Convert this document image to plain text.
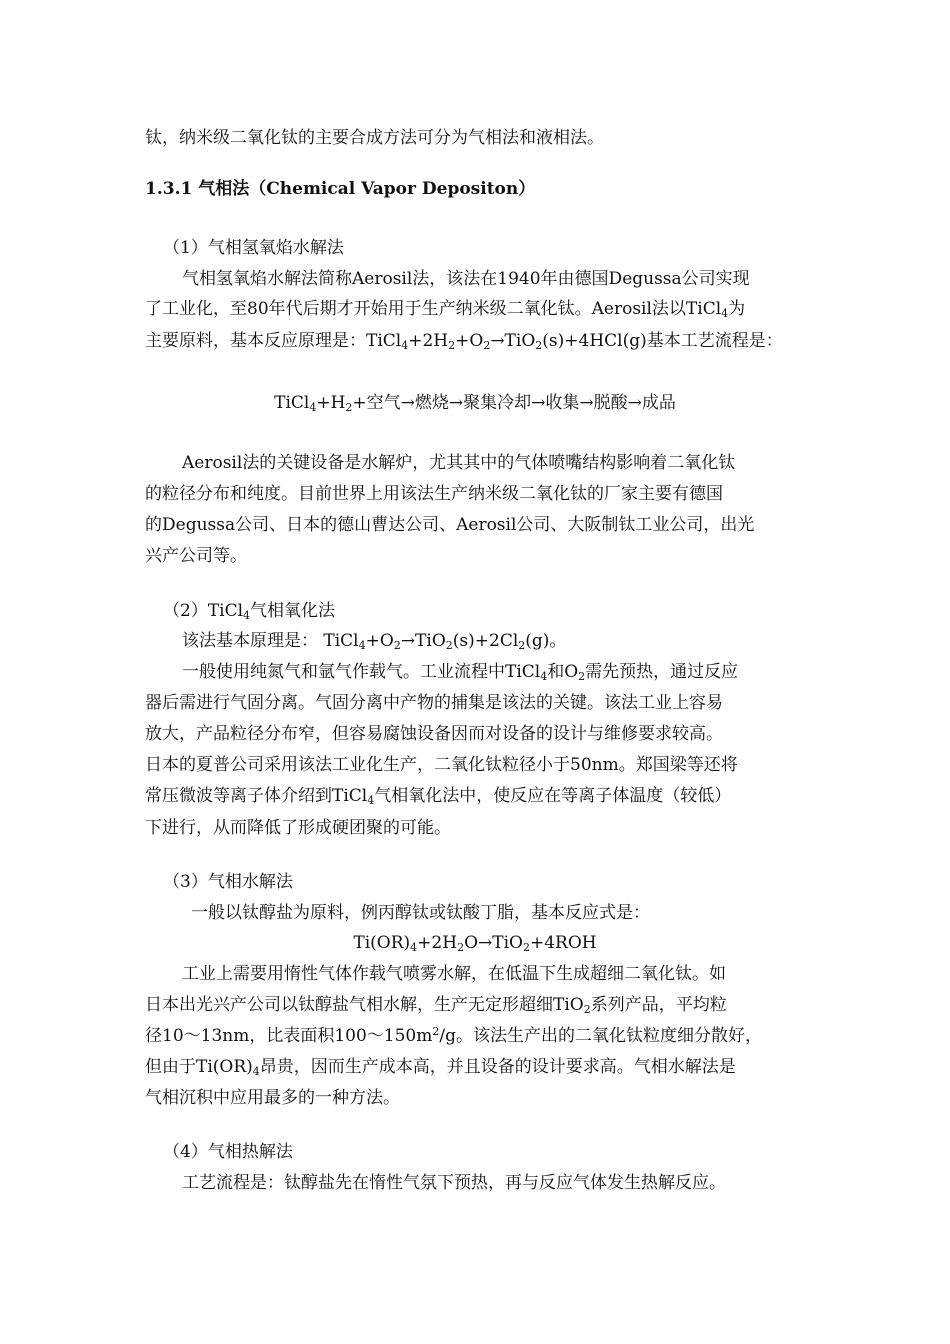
钛，纳米级二氧化钛的主要合成方法可分为气相法和液相法。
1.3.1 气相法（Chemical Vapor Depositon）
（1）气相氢氧焰水解法
气相氢氧焰水解法简称Aerosil法，该法在1940年由德国Degussa公司实现
了工业化，至80年代后期才开始用于生产纳米级二氧化钛。Aerosil法以TiCl$_4$为
主要原料，基本反应原理是：$TiCl_4+2H_2+O_2\to TiO_2(s)+4HCl(g)$基本工艺流程是：
$TiCl_4+H_2+$空气→燃烧→聚集冷却→收集→脱酸→成品
Aerosil法的关键设备是水解炉，尤其其中的气体喷嘴结构影响着二氧化钛
的粒径分布和纯度。目前世界上用该法生产纳米级二氧化钛的厂家主要有德国
的Degussa公司、日本的德山曹达公司、Aerosil公司、大阪制钛工业公司，出光
兴产公司等。
（2）TiCl$_4$气相氧化法
该法基本原理是： $TiCl_4+O_2\to TiO_2(s)+2Cl_2(g)$。
一般使用纯氮气和氩气作载气。工业流程中TiCl$_4$和$O_2$需先预热，通过反应
器后需进行气固分离。气固分离中产物的捕集是该法的关键。该法工业上容易
放大，产品粒径分布窄，但容易腐蚀设备因而对设备的设计与维修要求较高。
日本的夏普公司采用该法工业化生产，二氧化钛粒径小于50nm。郑国梁等还将
常压微波等离子体介绍到TiCl$_4$气相氧化法中，使反应在等离子体温度（较低）
下进行，从而降低了形成硬团聚的可能。
（3）气相水解法
一般以钛醇盐为原料，例丙醇钛或钛酸丁脂，基本反应式是：
$Ti(OR)_4+2H_2O\to TiO_2+4ROH$
工业上需要用惰性气体作载气喷雾水解，在低温下生成超细二氧化钛。如
日本出光兴产公司以钛醇盐气相水解，生产无定形超细TiO$_2$系列产品，平均粒
径10～13nm，比表面积$100\sim 150m^2/g$。该法生产出的二氧化钛粒度细分散好，
但由于$Ti(OR)_4$昂贵，因而生产成本高，并且设备的设计要求高。气相水解法是
气相沉积中应用最多的一种方法。
（4）气相热解法
工艺流程是：钛醇盐先在惰性气氛下预热，再与反应气体发生热解反应。
